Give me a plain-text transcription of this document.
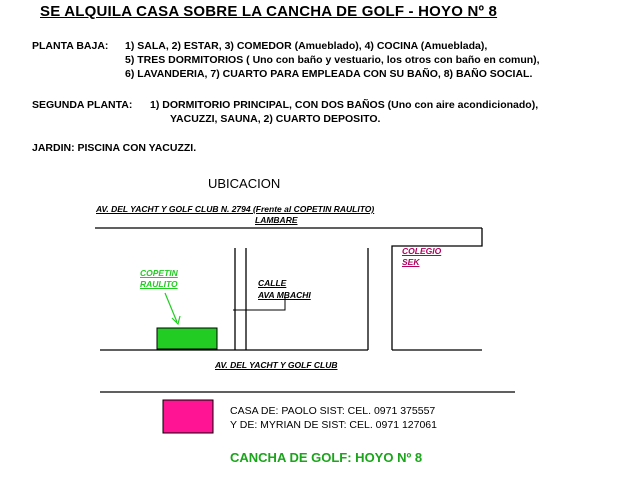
SE ALQUILA CASA SOBRE LA CANCHA DE GOLF - HOYO Nº 8
PLANTA BAJA: 1) SALA, 2) ESTAR, 3) COMEDOR (Amueblado), 4) COCINA (Amueblada),
5) TRES DORMITORIOS ( Uno con baño y vestuario, los otros con baño en comun),
6) LAVANDERIA, 7) CUARTO PARA EMPLEADA CON SU BAÑO, 8) BAÑO SOCIAL.
SEGUNDA PLANTA: 1) DORMITORIO PRINCIPAL, CON DOS BAÑOS (Uno con aire acondicionado),
YACUZZI, SAUNA, 2) CUARTO DEPOSITO.
JARDIN: PISCINA CON YACUZZI.
UBICACION
AV. DEL YACHT Y GOLF CLUB N. 2794 (Frente al COPETIN RAULITO)
LAMBARE
COLEGIO
SEK
COPETIN
RAULITO	CALLE
AVA MBACHI
AV. DEL YACHT Y GOLF CLUB
CASA DE: PAOLO SIST: CEL. 0971 375557
Y DE: MYRIAN DE SIST: CEL. 0971 127061
CANCHA DE GOLF: HOYO Nº 8
